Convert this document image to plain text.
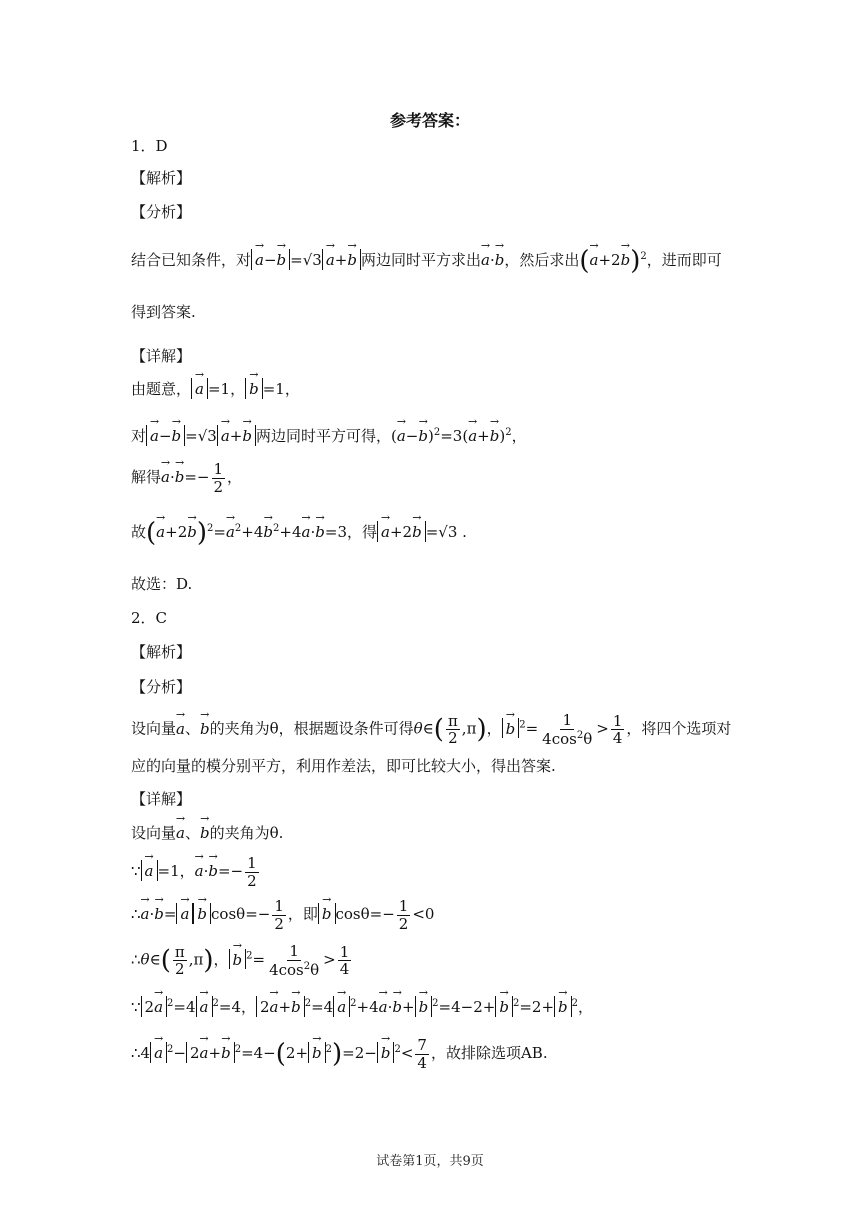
参考答案：
1．D
【解析】
【分析】
结合已知条件，对 → a−→ b =√3 → a+→ b 两边同时平方求出→ a·→ b，然后求出(→ a+2→ b)$^2$，进而即可
得到答案.
【详解】
由题意， → a =1， → b =1，
对 → a−→ b =√3 → a+→ b 两边同时平方可得，(→ $a-\to b)^2=3(\to a+\to b)^2$，
解得→ $a\cdot\to b=- \frac{1}{2}$ ，
故(→ $a+2\to b)^2=\to a^2+4\to b^2+4\to a\cdot\to b=3$，得 → a+2→ b =√3 .
故选：D.
2．C
【解析】
【分析】
设向量→ a、→ b的夹角为θ，根据题设条件可得θ∈( $\frac{\pi}{2} ,\pi$)， → b $^2= \frac{1}{4\cos^2\theta} > \frac{1}{4}$ ，将四个选项对
应的向量的模分别平方，利用作差法，即可比较大小，得出答案.
【详解】
设向量→ a、→ b的夹角为θ.
∵ → a =1，→ $a\cdot\to b=- \frac{1}{2}$
∴→ a·→ b= → a → b $\cos\theta=- \frac{1}{2}$ ，即 → b $\cos\theta=- \frac{1}{2} <0$
∴θ∈( $\frac{\pi}{2} ,\pi$)， → b $^2= \frac{1}{4\cos^2\theta} > \frac{1}{4}$
∵ 2→ a $^2$=4 → a $^2$=4， 2→ a+→ b $^2$=4 → a $^2$+4→ a·→ b+ → b $^2$=4−2+ → b $^2$=2+ → b $^2$，
∴4 → a $^2$− 2→ a+→ b $^2$=4−(2+ → b $^2$)=2− → b $^2< \frac{7}{4}$ ，故排除选项AB.
试卷第1页，共9页
